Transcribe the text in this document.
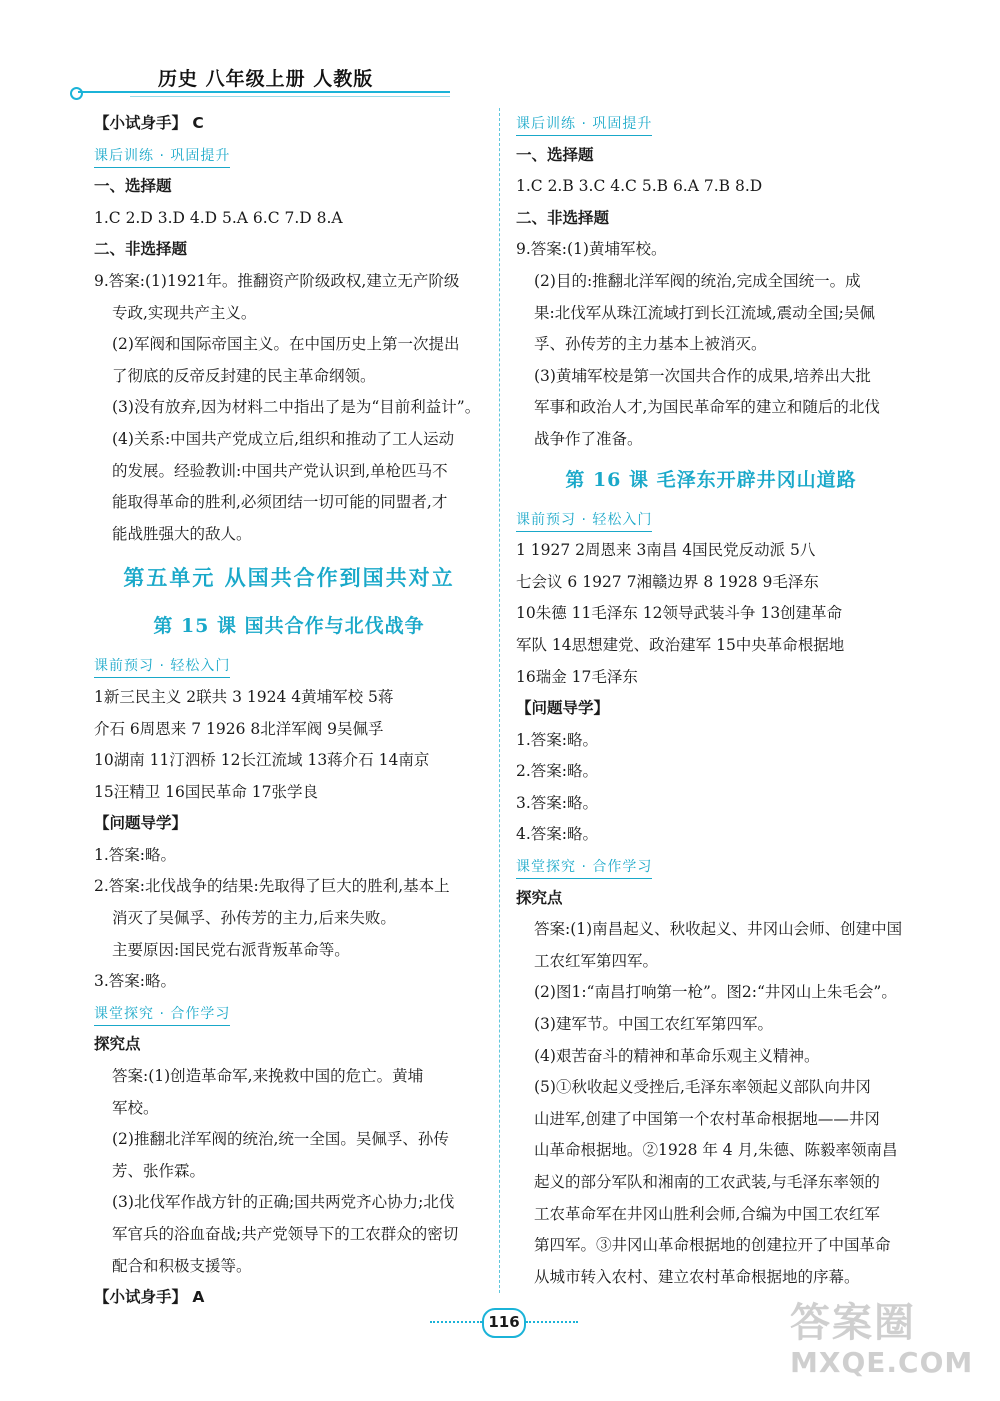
历史 八年级上册 人教版

【小试身手】 C

课后训练 · 巩固提升

一、选择题

1.C 2.D 3.D 4.D 5.A 6.C 7.D 8.A

二、非选择题

9.答案:(1)1921年。推翻资产阶级政权,建立无产阶级

专政,实现共产主义。

(2)军阀和国际帝国主义。在中国历史上第一次提出

了彻底的反帝反封建的民主革命纲领。

(3)没有放弃,因为材料二中指出了是为“目前利益计”。

(4)关系:中国共产党成立后,组织和推动了工人运动

的发展。经验教训:中国共产党认识到,单枪匹马不

能取得革命的胜利,必须团结一切可能的同盟者,才

能战胜强大的敌人。

第五单元 从国共合作到国共对立

第 15 课 国共合作与北伐战争

课前预习 · 轻松入门

1新三民主义 2联共 3 1924 4黄埔军校 5蒋

介石 6周恩来 7 1926 8北洋军阀 9吴佩孚

10湖南 11汀泗桥 12长江流域 13蒋介石 14南京

15汪精卫 16国民革命 17张学良

【问题导学】

1.答案:略。

2.答案:北伐战争的结果:先取得了巨大的胜利,基本上

消灭了吴佩孚、孙传芳的主力,后来失败。

主要原因:国民党右派背叛革命等。

3.答案:略。

课堂探究 · 合作学习

探究点

答案:(1)创造革命军,来挽救中国的危亡。黄埔

军校。

(2)推翻北洋军阀的统治,统一全国。吴佩孚、孙传

芳、张作霖。

(3)北伐军作战方针的正确;国共两党齐心协力;北伐

军官兵的浴血奋战;共产党领导下的工农群众的密切

配合和积极支援等。

【小试身手】 A

课后训练 · 巩固提升

一、选择题

1.C 2.B 3.C 4.C 5.B 6.A 7.B 8.D

二、非选择题

9.答案:(1)黄埔军校。

(2)目的:推翻北洋军阀的统治,完成全国统一。成

果:北伐军从珠江流域打到长江流域,震动全国;吴佩

孚、孙传芳的主力基本上被消灭。

(3)黄埔军校是第一次国共合作的成果,培养出大批

军事和政治人才,为国民革命军的建立和随后的北伐

战争作了准备。

第 16 课 毛泽东开辟井冈山道路

课前预习 · 轻松入门

1 1927 2周恩来 3南昌 4国民党反动派 5八

七会议 6 1927 7湘赣边界 8 1928 9毛泽东

10朱德 11毛泽东 12领导武装斗争 13创建革命

军队 14思想建党、政治建军 15中央革命根据地

16瑞金 17毛泽东

【问题导学】

1.答案:略。

2.答案:略。

3.答案:略。

4.答案:略。

课堂探究 · 合作学习

探究点

答案:(1)南昌起义、秋收起义、井冈山会师、创建中国

工农红军第四军。

(2)图1:“南昌打响第一枪”。图2:“井冈山上朱毛会”。

(3)建军节。中国工农红军第四军。

(4)艰苦奋斗的精神和革命乐观主义精神。

(5)①秋收起义受挫后,毛泽东率领起义部队向井冈

山进军,创建了中国第一个农村革命根据地——井冈

山革命根据地。②1928 年 4 月,朱德、陈毅率领南昌

起义的部分军队和湘南的工农武装,与毛泽东率领的

工农革命军在井冈山胜利会师,合编为中国工农红军

第四军。③井冈山革命根据地的创建拉开了中国革命

从城市转入农村、建立农村革命根据地的序幕。

116	答案圈
MXQE.COM
